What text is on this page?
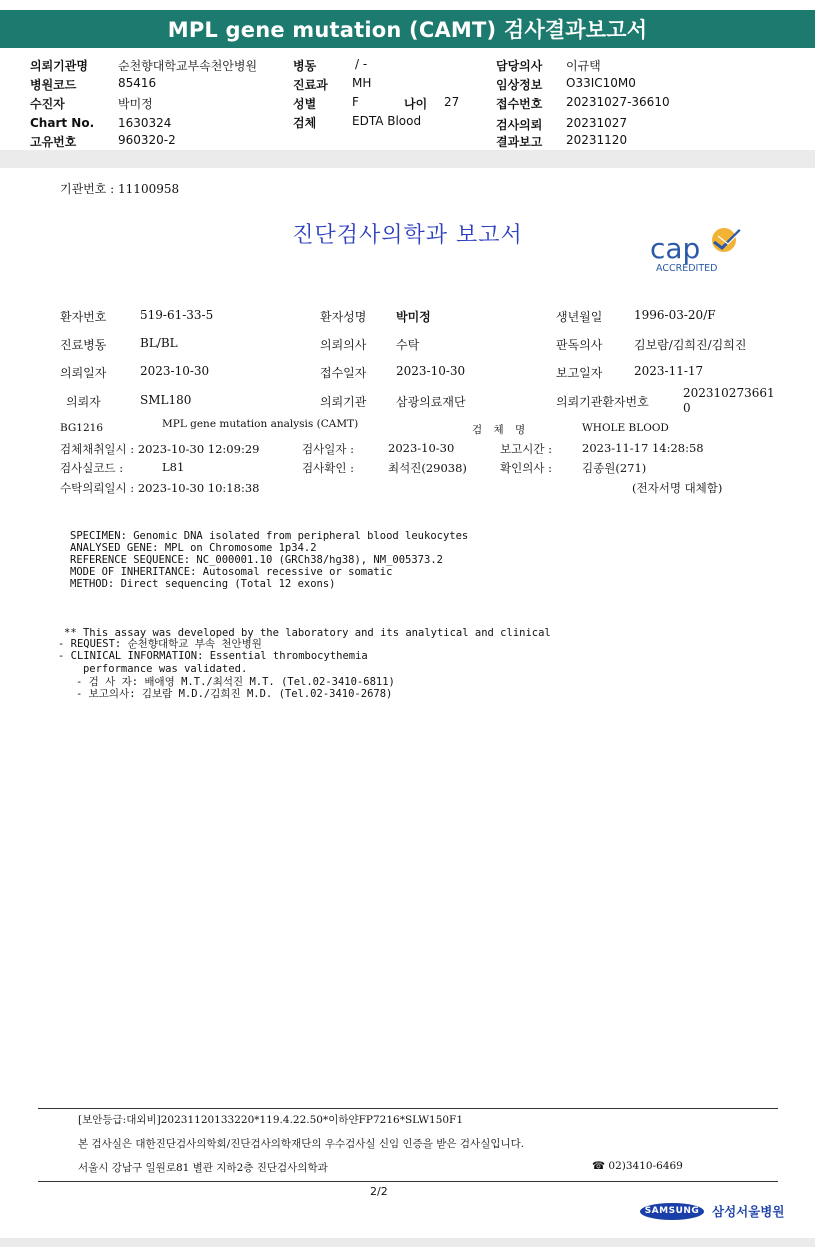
MPL gene mutation (CAMT) 검사결과보고서
의뢰기관명	순천향대학교부속천안병원
병원코드	85416
수진자	박미정
Chart No. 1630324
고유번호	960320-2
병동	/ -
진료과 MH
성별	F	나이 27
검체	EDTA Blood
담당의사 이규택
임상정보 O33IC10M0
접수번호 20231027-36610
검사의뢰 20231027
결과보고 20231120
기관번호 : 11100958
진단검사의학과 보고서	cap
ACCREDITED
환자번호	519-61-33-5	환자성명 박미정	생년월일	1996-03-20/F
진료병동	BL/BL	의뢰의사 수탁	판독의사	김보람/김희진/김희진
의뢰일자	2023-10-30	접수일자 2023-10-30	보고일자	2023-11-17
의뢰자	SML180	의뢰기관 삼광의료재단	의뢰기관환자번호
202310273661
0
BG1216	MPL gene mutation analysis (CAMT)	검 체 명	WHOLE BLOOD
검체채취일시 : 2023-10-30 12:09:29	검사일자 :	2023-10-30	보고시간 :	2023-11-17 14:28:58
검사실코드 :	L81	검사확인 :	최석진(29038)	확인의사 :	김종원(271)
수탁의뢰일시 : 2023-10-30 10:18:38	(전자서명 대체함)
SPECIMEN: Genomic DNA isolated from peripheral blood leukocytes
ANALYSED GENE: MPL on Chromosome 1p34.2
REFERENCE SEQUENCE: NC_000001.10 (GRCh38/hg38), NM_005373.2
MODE OF INHERITANCE: Autosomal recessive or somatic
METHOD: Direct sequencing (Total 12 exons)

** This assay was developed by the laboratory and its analytical and clinical

performance was validated.

- REQUEST: 순천향대학교 부속 천안병원
- CLINICAL INFORMATION: Essential thrombocythemia
- 검 사 자: 배애영 M.T./최석진 M.T. (Tel.02-3410-6811)
- 보고의사: 김보람 M.D./김희진 M.D. (Tel.02-3410-2678)
[보안등급:대외비]20231120133220*119.4.22.50*이하얀FP7216*SLW150F1
본 검사실은 대한진단검사의학회/진단검사의학재단의 우수검사실 신임 인증을 받은 검사실입니다.
서울시 강남구 일원로81 별관 지하2층 진단검사의학과	☎ 02)3410-6469
2/2
SAMSUNG	삼성서울병원
